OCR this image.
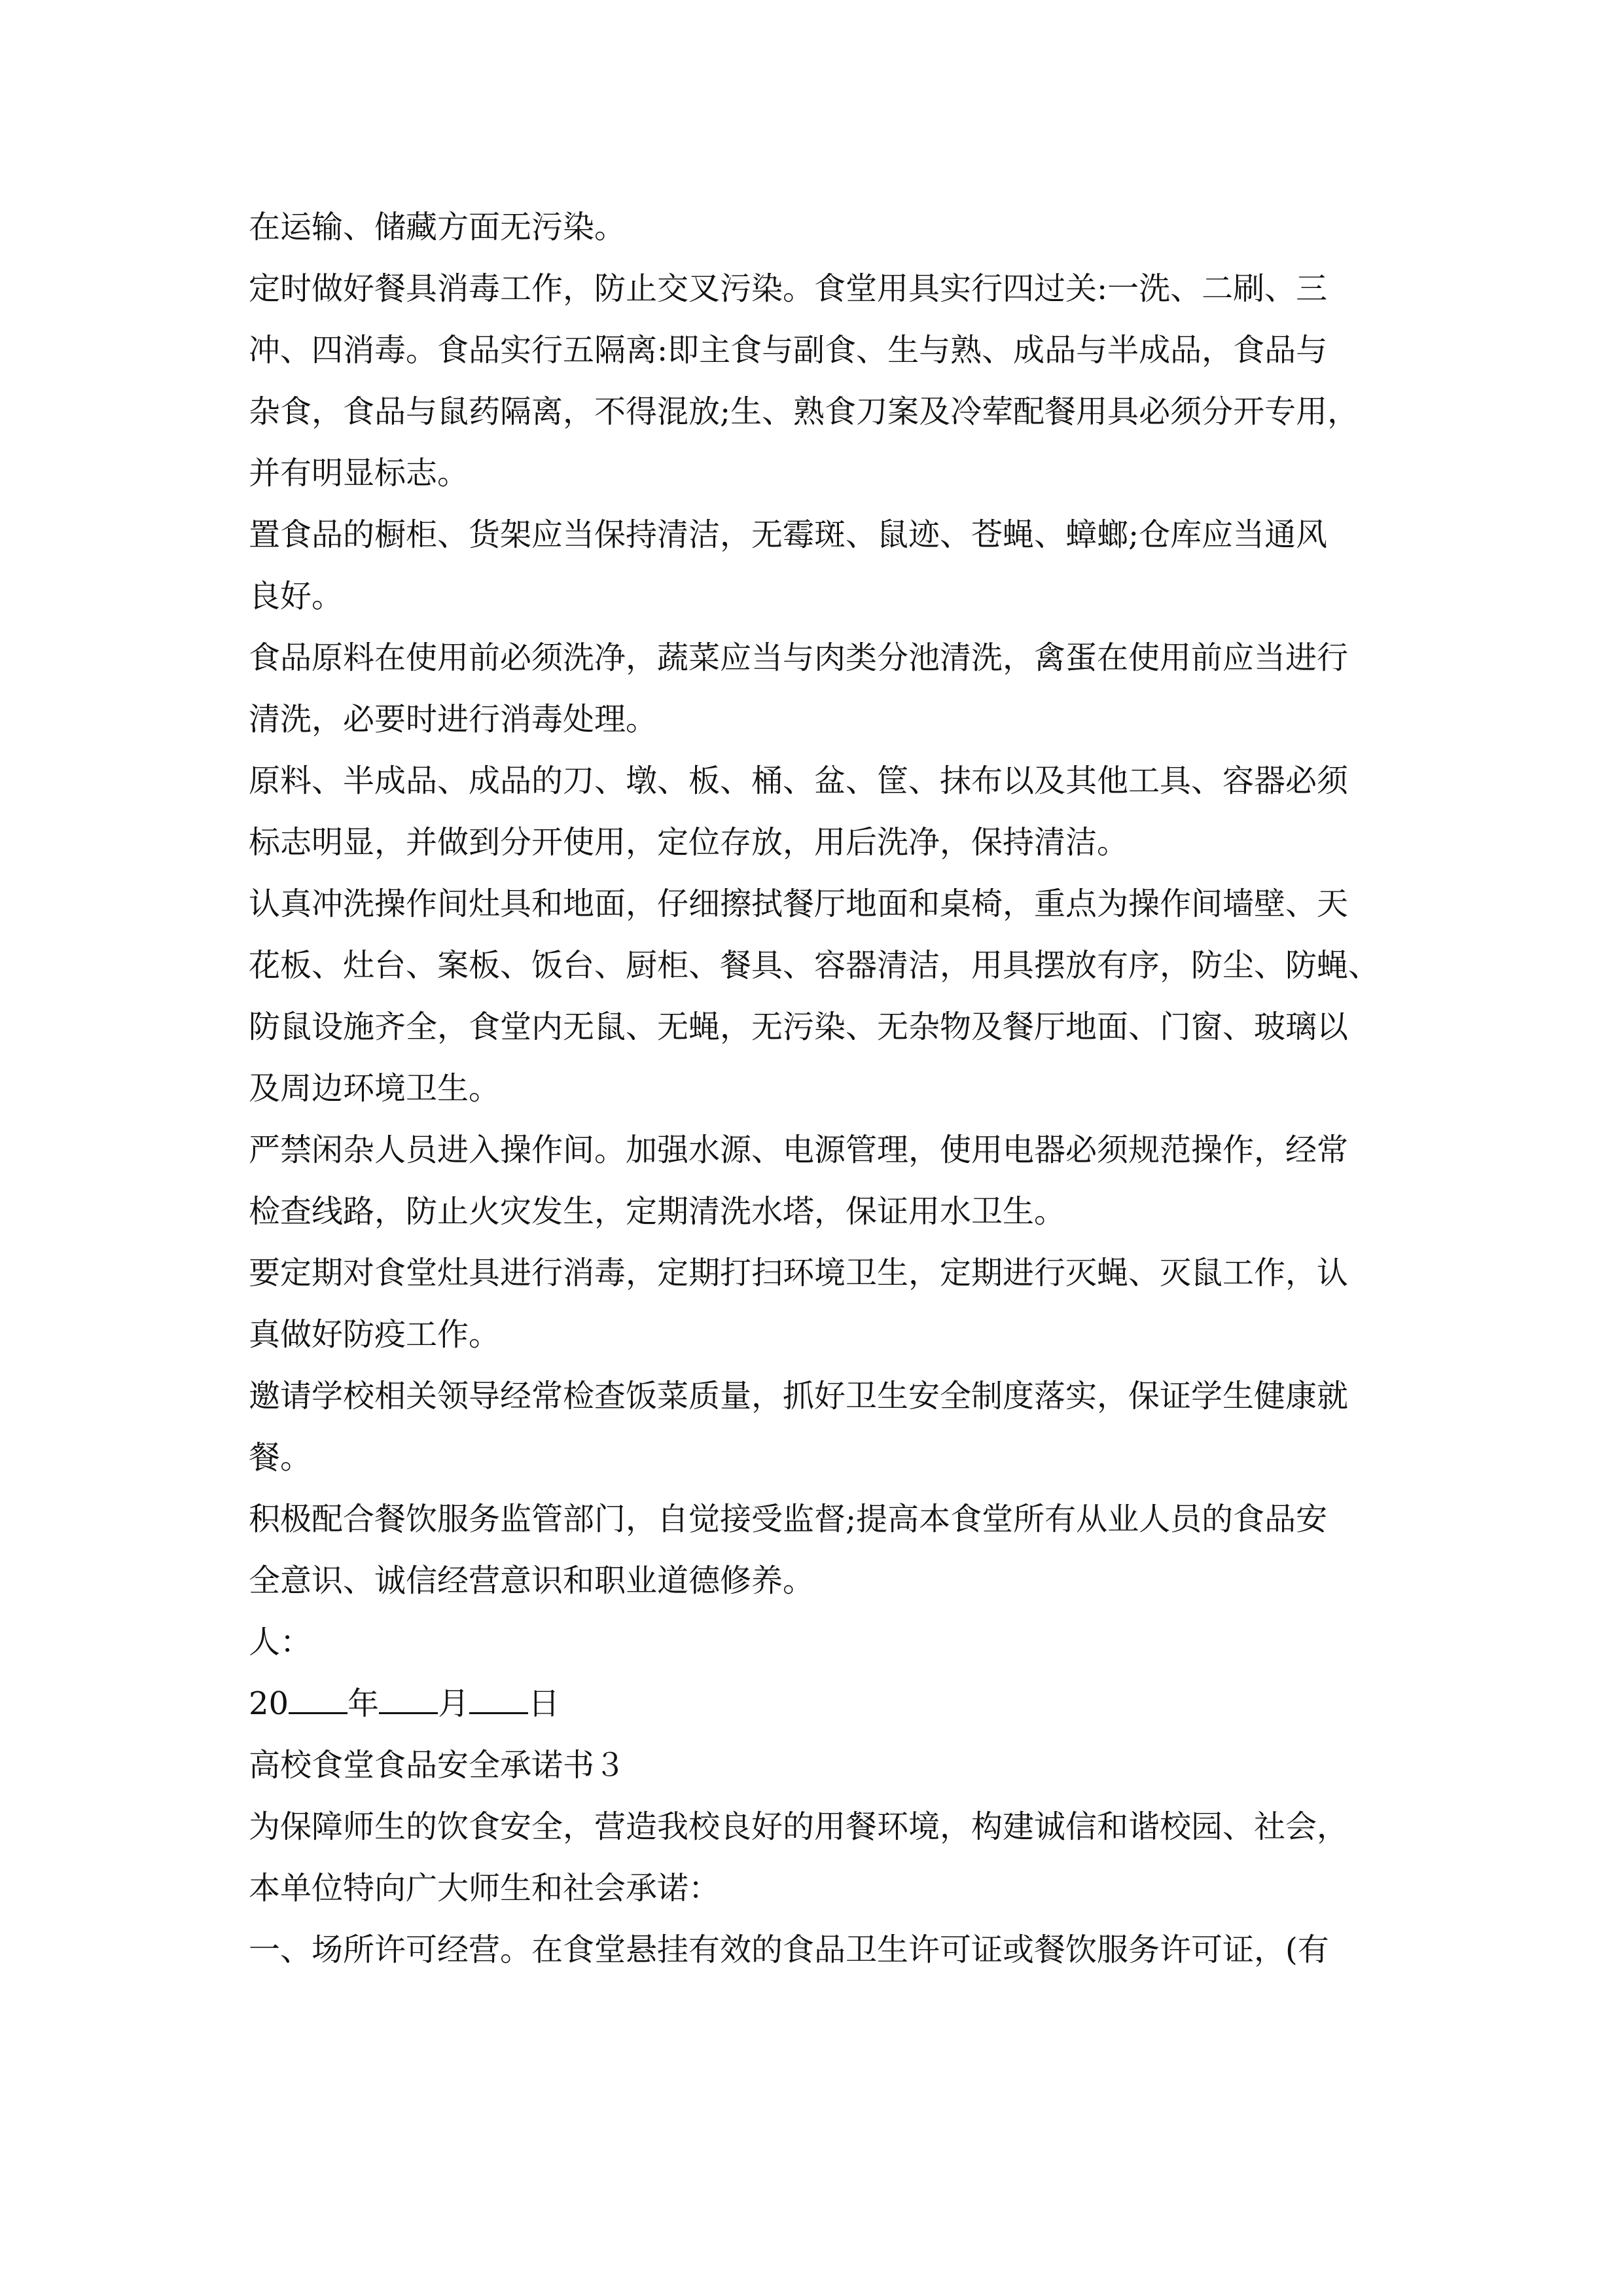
在运输、储藏方面无污染。
定时做好餐具消毒工作，防止交叉污染。食堂用具实行四过关:一洗、二刷、三
冲、四消毒。食品实行五隔离:即主食与副食、生与熟、成品与半成品，食品与
杂食，食品与鼠药隔离，不得混放;生、熟食刀案及冷荤配餐用具必须分开专用，
并有明显标志。
置食品的橱柜、货架应当保持清洁，无霉斑、鼠迹、苍蝇、蟑螂;仓库应当通风
良好。
食品原料在使用前必须洗净，蔬菜应当与肉类分池清洗，禽蛋在使用前应当进行
清洗，必要时进行消毒处理。
原料、半成品、成品的刀、墩、板、桶、盆、筐、抹布以及其他工具、容器必须
标志明显，并做到分开使用，定位存放，用后洗净，保持清洁。
认真冲洗操作间灶具和地面，仔细擦拭餐厅地面和桌椅，重点为操作间墙壁、天
花板、灶台、案板、饭台、厨柜、餐具、容器清洁，用具摆放有序，防尘、防蝇、
防鼠设施齐全，食堂内无鼠、无蝇，无污染、无杂物及餐厅地面、门窗、玻璃以
及周边环境卫生。
严禁闲杂人员进入操作间。加强水源、电源管理，使用电器必须规范操作，经常
检查线路，防止火灾发生，定期清洗水塔，保证用水卫生。
要定期对食堂灶具进行消毒，定期打扫环境卫生，定期进行灭蝇、灭鼠工作，认
真做好防疫工作。
邀请学校相关领导经常检查饭菜质量，抓好卫生安全制度落实，保证学生健康就
餐。
积极配合餐饮服务监管部门，自觉接受监督;提高本食堂所有从业人员的食品安
全意识、诚信经营意识和职业道德修养。
人：
20 年 月 日
高校食堂食品安全承诺书３
为保障师生的饮食安全，营造我校良好的用餐环境，构建诚信和谐校园、社会，
本单位特向广大师生和社会承诺：
一、场所许可经营。在食堂悬挂有效的食品卫生许可证或餐饮服务许可证，(有
